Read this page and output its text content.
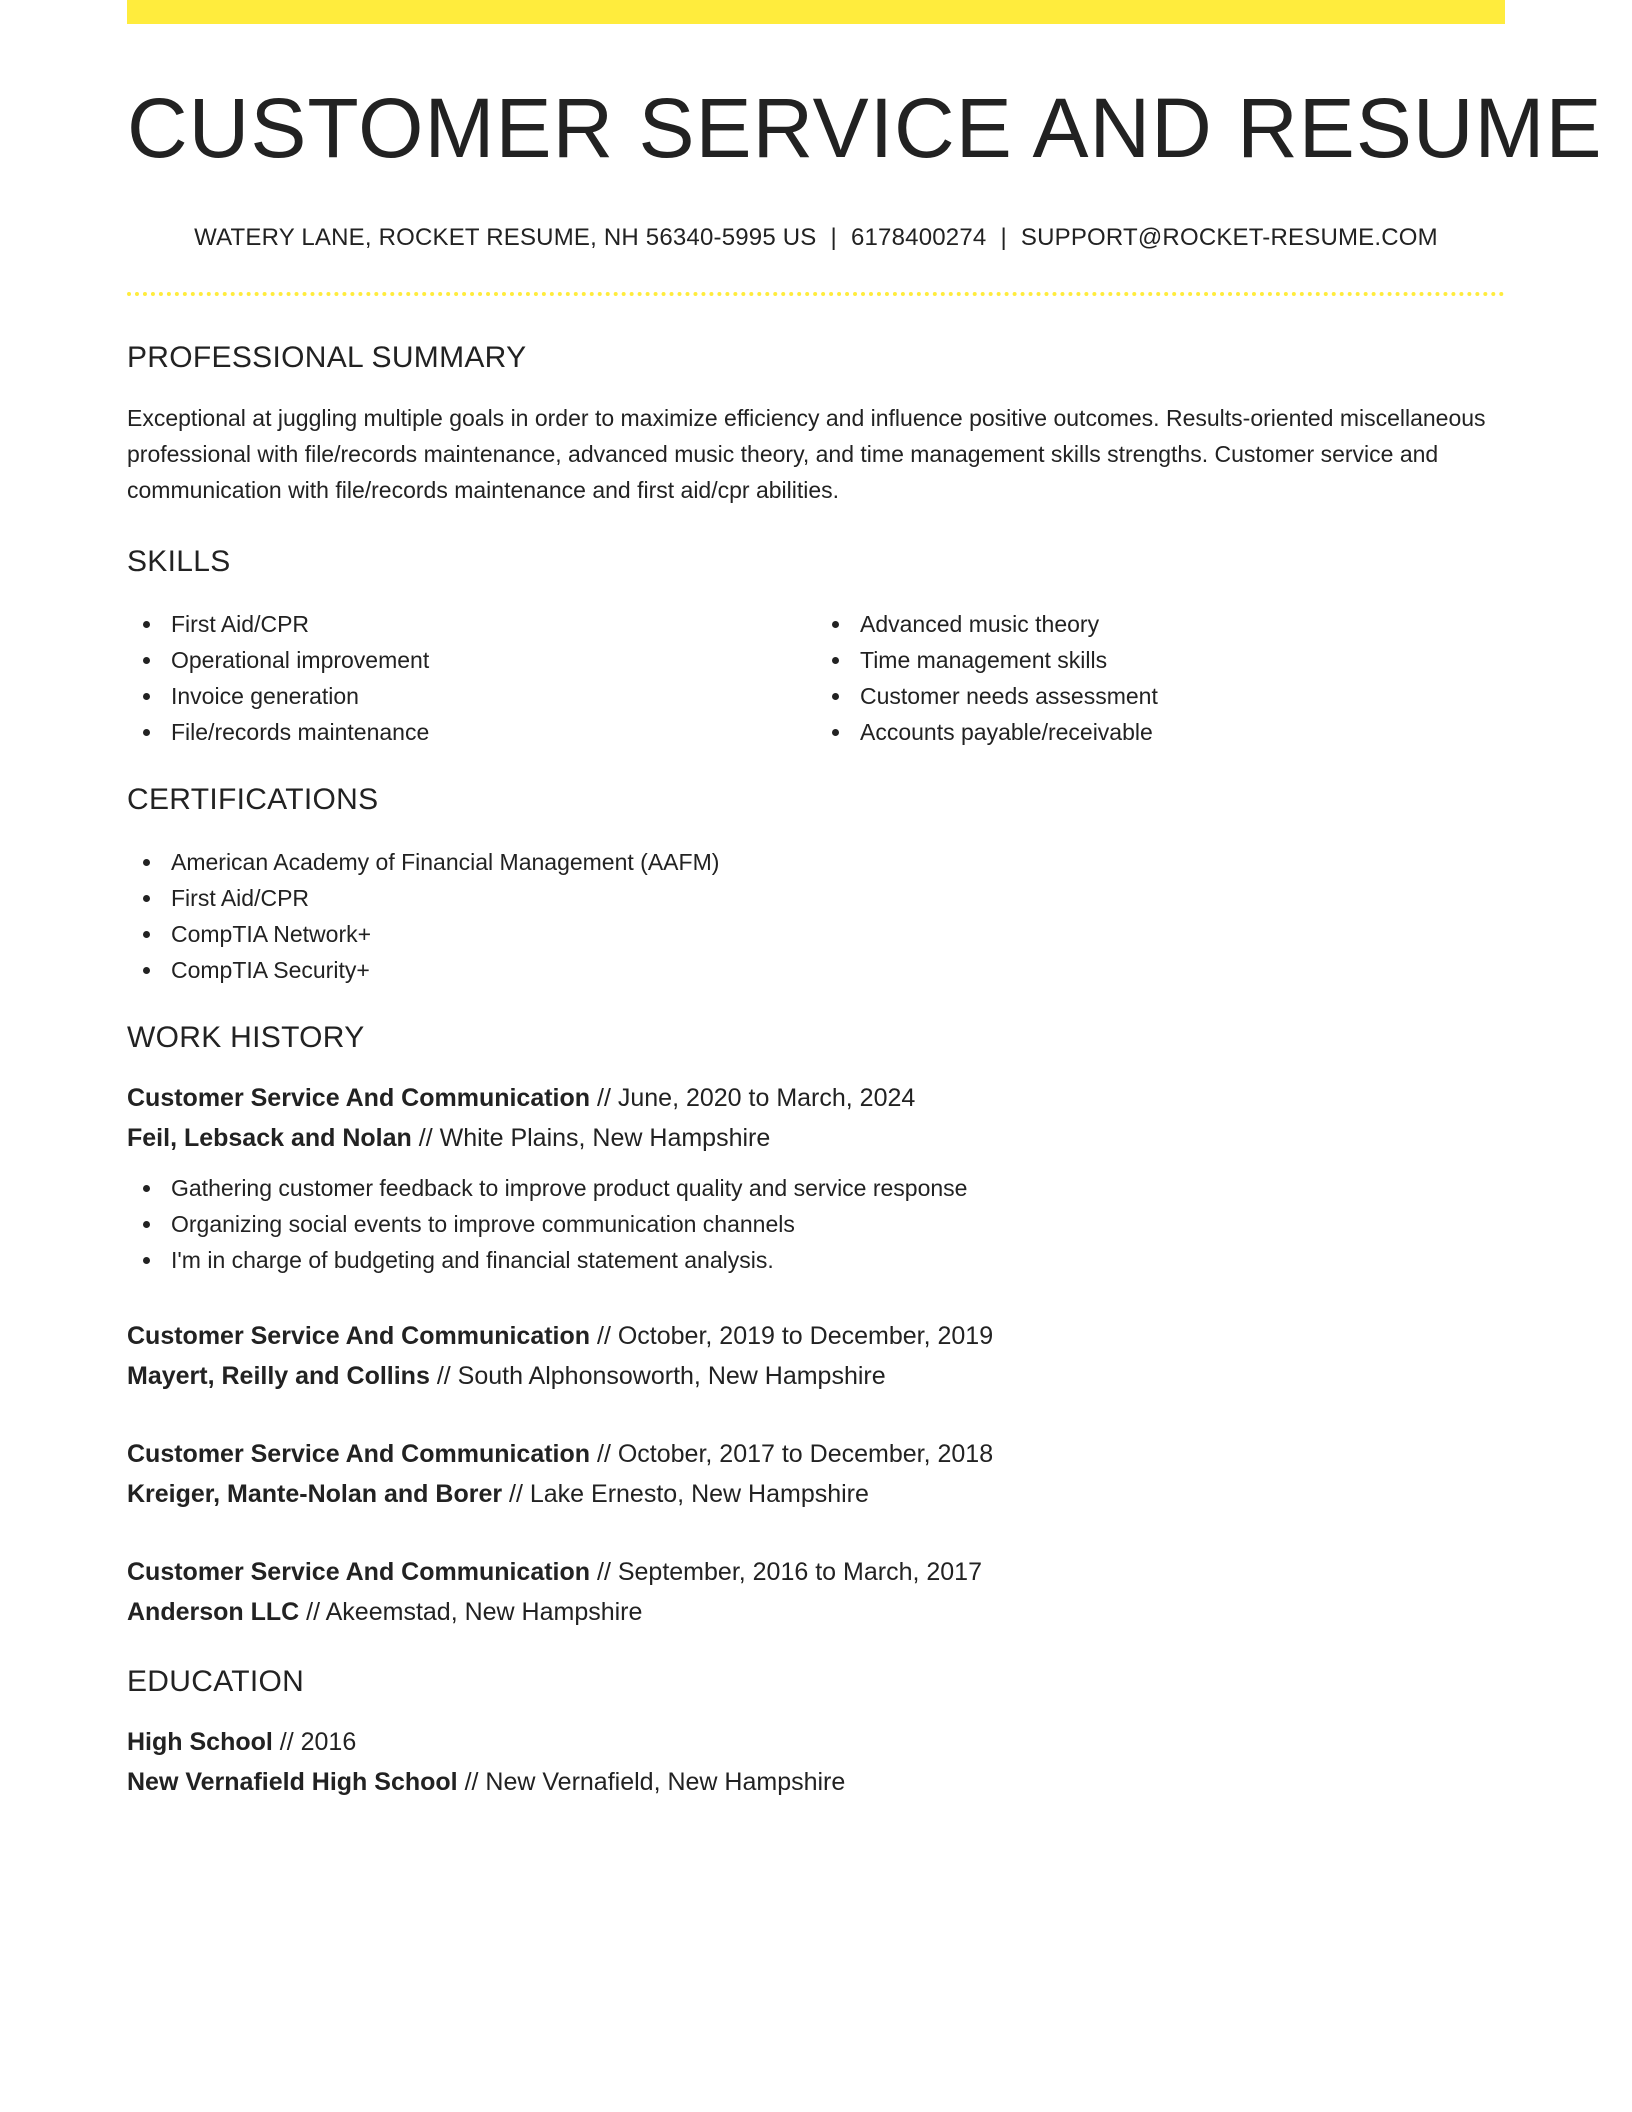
CUSTOMER SERVICE AND RESUME
WATERY LANE, ROCKET RESUME, NH 56340-5995 US | 6178400274 | SUPPORT@ROCKET-RESUME.COM
PROFESSIONAL SUMMARY

Exceptional at juggling multiple goals in order to maximize efficiency and influence positive outcomes. Results-oriented miscellaneous professional with file/records maintenance, advanced music theory, and time management skills strengths. Customer service and communication with file/records maintenance and first aid/cpr abilities.

SKILLS
First Aid/CPR
Operational improvement
Invoice generation
File/records maintenance
Advanced music theory
Time management skills
Customer needs assessment
Accounts payable/receivable
CERTIFICATIONS
American Academy of Financial Management (AAFM)
First Aid/CPR
CompTIA Network+
CompTIA Security+
WORK HISTORY
Customer Service And Communication // June, 2020 to March, 2024
Feil, Lebsack and Nolan // White Plains, New Hampshire
Gathering customer feedback to improve product quality and service response
Organizing social events to improve communication channels
I'm in charge of budgeting and financial statement analysis.
Customer Service And Communication // October, 2019 to December, 2019
Mayert, Reilly and Collins // South Alphonsoworth, New Hampshire
Customer Service And Communication // October, 2017 to December, 2018
Kreiger, Mante-Nolan and Borer // Lake Ernesto, New Hampshire
Customer Service And Communication // September, 2016 to March, 2017
Anderson LLC // Akeemstad, New Hampshire
EDUCATION
High School // 2016
New Vernafield High School // New Vernafield, New Hampshire
